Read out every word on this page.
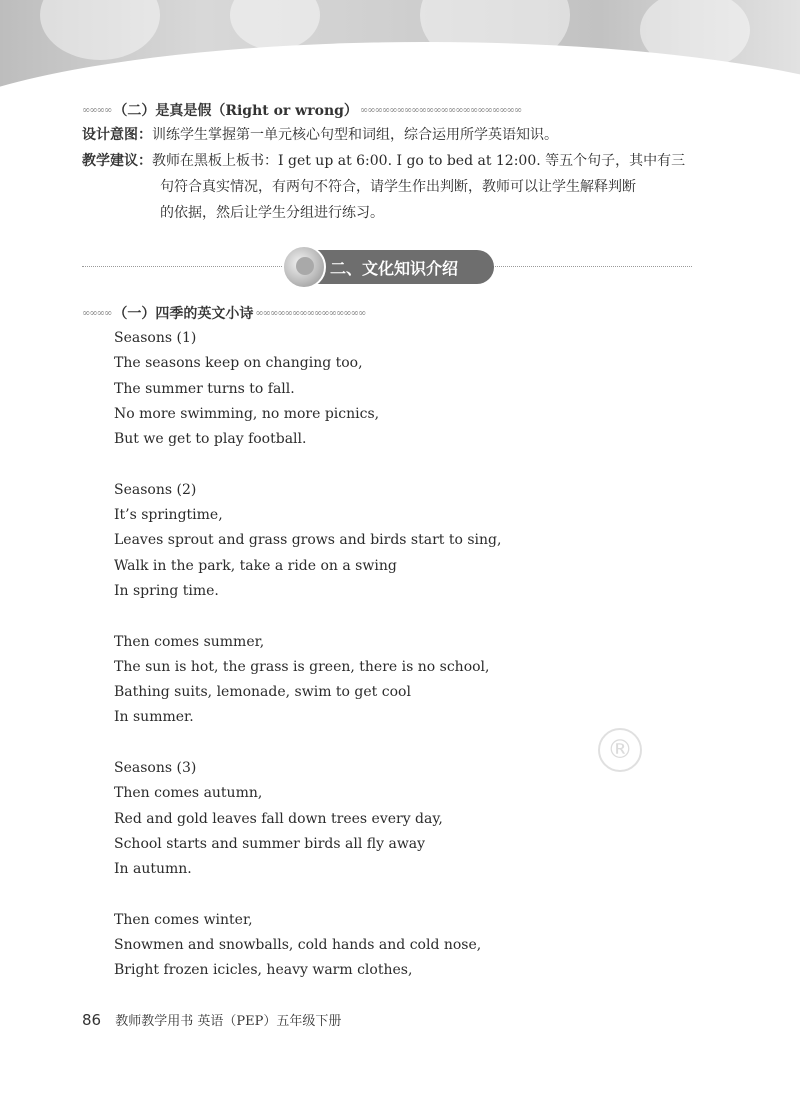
∞∞∞∞ （二）是真是假（Right or wrong） ∞∞∞∞∞∞∞∞∞∞∞∞∞∞∞∞∞∞∞∞∞∞
设计意图：训练学生掌握第一单元核心句型和词组，综合运用所学英语知识。
教学建议：教师在黑板上板书：I get up at 6:00. I go to bed at 12:00. 等五个句子，其中有三
句符合真实情况，有两句不符合，请学生作出判断，教师可以让学生解释判断
的依据，然后让学生分组进行练习。
二、文化知识介绍
∞∞∞∞ （一）四季的英文小诗 ∞∞∞∞∞∞∞∞∞∞∞∞∞∞∞
®
Seasons (1)
The seasons keep on changing too,
The summer turns to fall.
No more swimming, no more picnics,
But we get to play football.
Seasons (2)
It’s springtime,
Leaves sprout and grass grows and birds start to sing,
Walk in the park, take a ride on a swing
In spring time.
Then comes summer,
The sun is hot, the grass is green, there is no school,
Bathing suits, lemonade, swim to get cool
In summer.
Seasons (3)
Then comes autumn,
Red and gold leaves fall down trees every day,
School starts and summer birds all fly away
In autumn.
Then comes winter,
Snowmen and snowballs, cold hands and cold nose,
Bright frozen icicles, heavy warm clothes,
86 教师教学用书 英语（PEP）五年级下册
